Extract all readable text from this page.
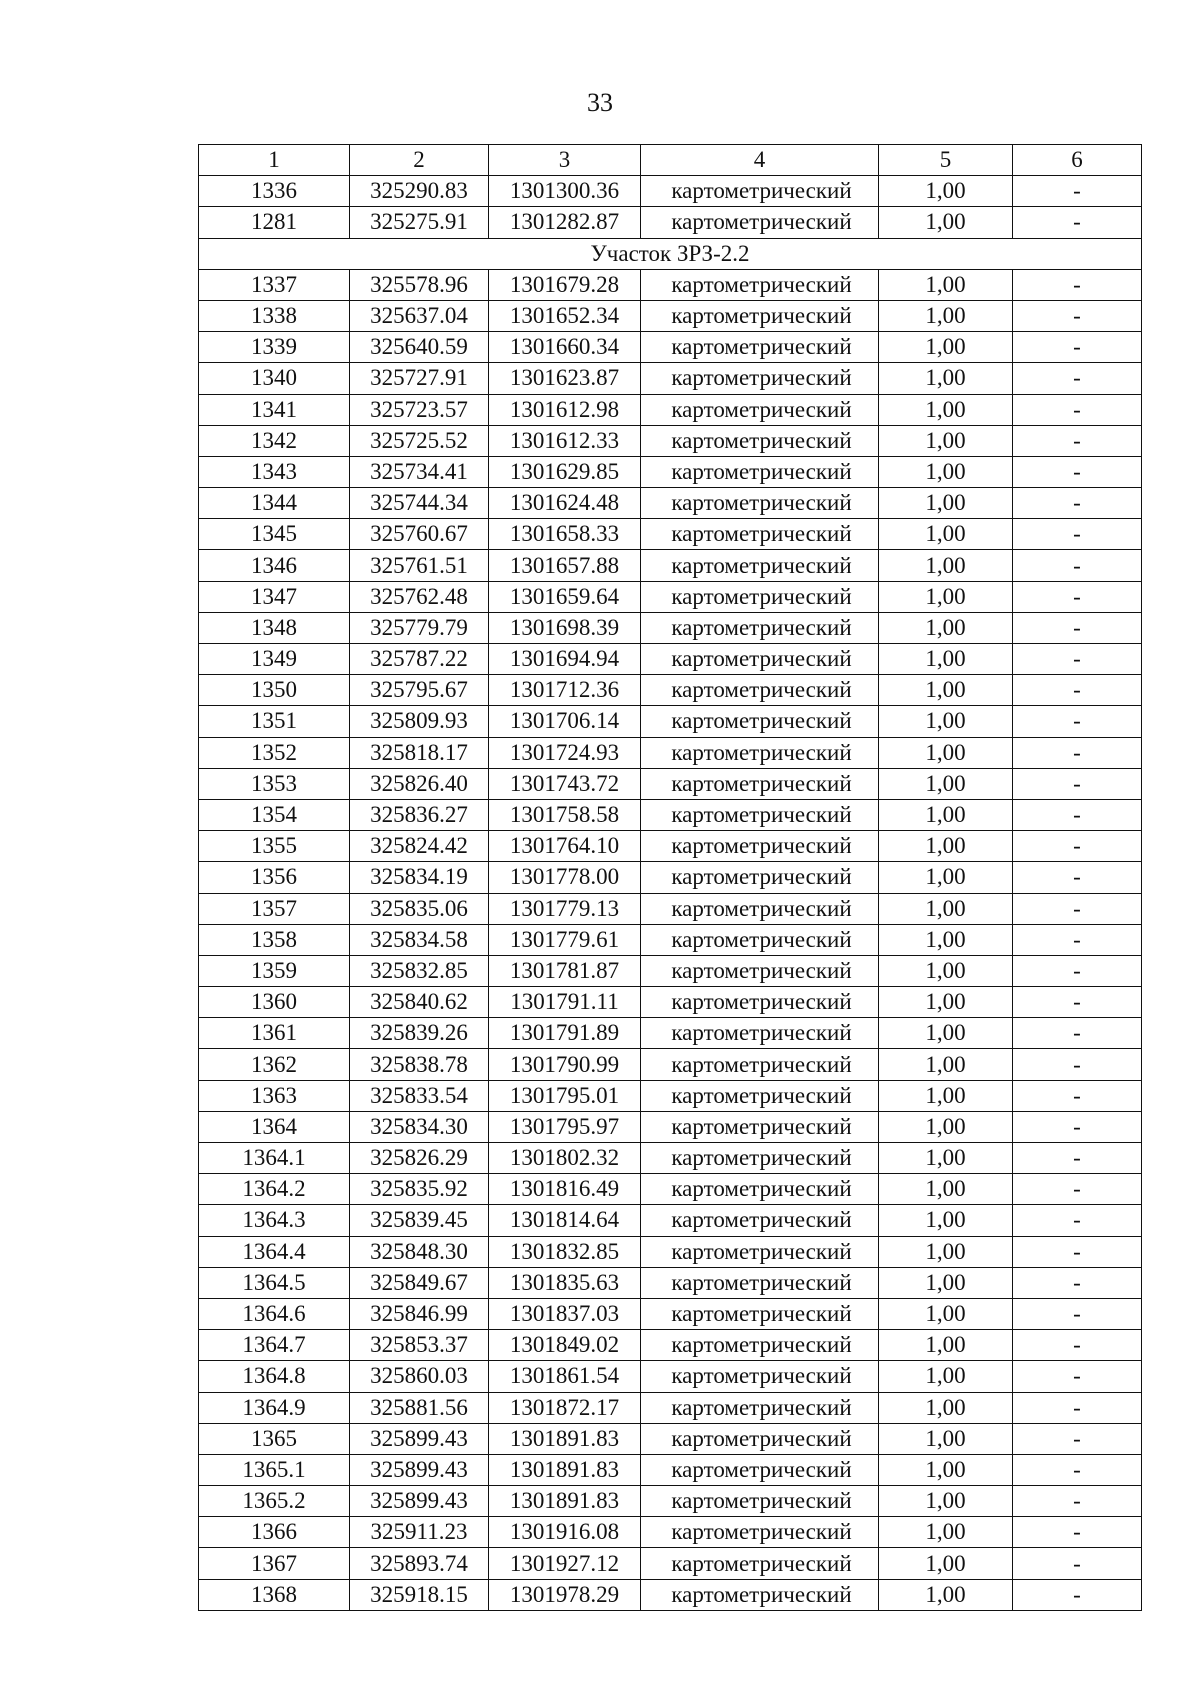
33
1	2	3	4	5	6
1336	325290.83	1301300.36	картометрический	1,00	-
1281	325275.91	1301282.87	картометрический	1,00	-
Участок ЗРЗ-2.2					
1337	325578.96	1301679.28	картометрический	1,00	-
1338	325637.04	1301652.34	картометрический	1,00	-
1339	325640.59	1301660.34	картометрический	1,00	-
1340	325727.91	1301623.87	картометрический	1,00	-
1341	325723.57	1301612.98	картометрический	1,00	-
1342	325725.52	1301612.33	картометрический	1,00	-
1343	325734.41	1301629.85	картометрический	1,00	-
1344	325744.34	1301624.48	картометрический	1,00	-
1345	325760.67	1301658.33	картометрический	1,00	-
1346	325761.51	1301657.88	картометрический	1,00	-
1347	325762.48	1301659.64	картометрический	1,00	-
1348	325779.79	1301698.39	картометрический	1,00	-
1349	325787.22	1301694.94	картометрический	1,00	-
1350	325795.67	1301712.36	картометрический	1,00	-
1351	325809.93	1301706.14	картометрический	1,00	-
1352	325818.17	1301724.93	картометрический	1,00	-
1353	325826.40	1301743.72	картометрический	1,00	-
1354	325836.27	1301758.58	картометрический	1,00	-
1355	325824.42	1301764.10	картометрический	1,00	-
1356	325834.19	1301778.00	картометрический	1,00	-
1357	325835.06	1301779.13	картометрический	1,00	-
1358	325834.58	1301779.61	картометрический	1,00	-
1359	325832.85	1301781.87	картометрический	1,00	-
1360	325840.62	1301791.11	картометрический	1,00	-
1361	325839.26	1301791.89	картометрический	1,00	-
1362	325838.78	1301790.99	картометрический	1,00	-
1363	325833.54	1301795.01	картометрический	1,00	-
1364	325834.30	1301795.97	картометрический	1,00	-
1364.1	325826.29	1301802.32	картометрический	1,00	-
1364.2	325835.92	1301816.49	картометрический	1,00	-
1364.3	325839.45	1301814.64	картометрический	1,00	-
1364.4	325848.30	1301832.85	картометрический	1,00	-
1364.5	325849.67	1301835.63	картометрический	1,00	-
1364.6	325846.99	1301837.03	картометрический	1,00	-
1364.7	325853.37	1301849.02	картометрический	1,00	-
1364.8	325860.03	1301861.54	картометрический	1,00	-
1364.9	325881.56	1301872.17	картометрический	1,00	-
1365	325899.43	1301891.83	картометрический	1,00	-
1365.1	325899.43	1301891.83	картометрический	1,00	-
1365.2	325899.43	1301891.83	картометрический	1,00	-
1366	325911.23	1301916.08	картометрический	1,00	-
1367	325893.74	1301927.12	картометрический	1,00	-
1368	325918.15	1301978.29	картометрический	1,00	-
